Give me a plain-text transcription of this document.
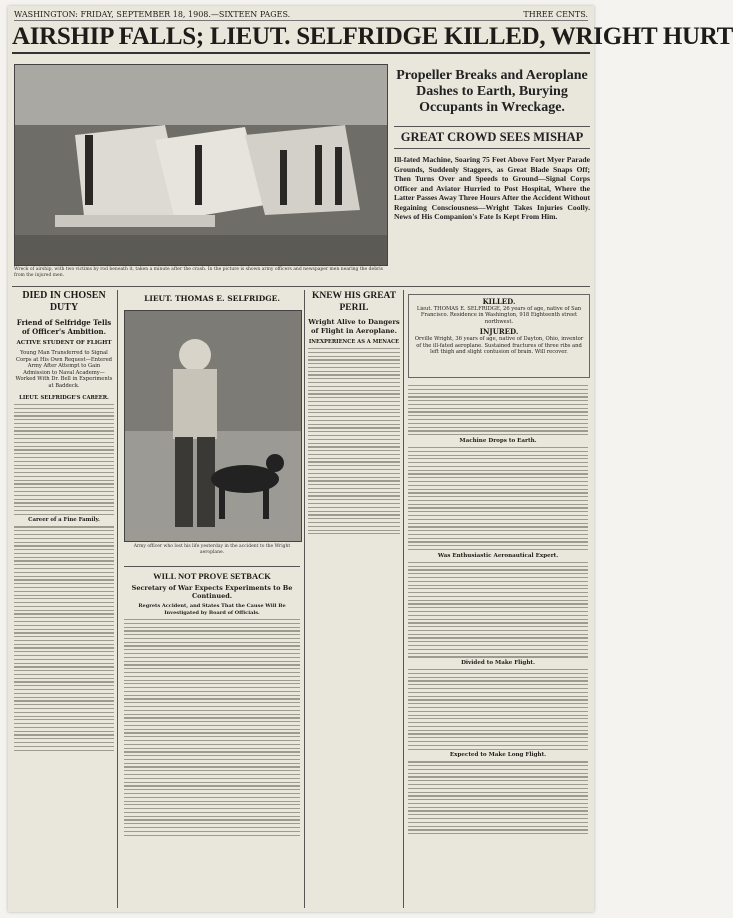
WASHINGTON: FRIDAY, SEPTEMBER 18, 1908.—SIXTEEN PAGES.	THREE CENTS.
AIRSHIP FALLS; LIEUT. SELFRIDGE KILLED, WRIGHT HURT
Wreck of airship, with two victims by rod beneath it, taken a minute after the crash. In the picture is shown army officers and newspaper men nearing the debris from the injured men.
Propeller Breaks and Aeroplane Dashes to Earth, Burying Occupants in Wreckage.
GREAT CROWD SEES MISHAP
Ill-fated Machine, Soaring 75 Feet Above Fort Myer Parade Grounds, Suddenly Staggers, as Great Blade Snaps Off; Then Turns Over and Speeds to Ground—Signal Corps Officer and Aviator Hurried to Post Hospital, Where the Latter Passes Away Three Hours After the Accident Without Regaining Consciousness—Wright Takes Injuries Coolly. News of His Companion's Fate Is Kept From Him.
DIED IN CHOSEN DUTY
Friend of Selfridge Tells of Officer's Ambition.
ACTIVE STUDENT OF FLIGHT
Young Man Transferred to Signal Corps at His Own Request—Entered Army After Attempt to Gain Admission to Naval Academy—Worked With Dr. Bell in Experiments at Baddeck.
LIEUT. SELFRIDGE'S CAREER.
Career of a Fine Family.
LIEUT. THOMAS E. SELFRIDGE.
Army officer who lost his life yesterday in the accident to the Wright aeroplane.
KNEW HIS GREAT PERIL
Wright Alive to Dangers of Flight in Aeroplane.
INEXPERIENCE AS A MENACE
WILL NOT PROVE SETBACK
Secretary of War Expects Experiments to Be Continued.
Regrets Accident, and States That the Cause Will Be Investigated by Board of Officials.
KILLED.
Lieut. THOMAS E. SELFRIDGE, 26 years of age, native of San Francisco. Residence in Washington, 918 Eighteenth street northwest.
INJURED.
Orville Wright, 36 years of age, native of Dayton, Ohio, inventor of the ill-fated aeroplane. Sustained fractures of three ribs and left thigh and slight contusion of brain. Will recover.
Machine Drops to Earth.
Was Enthusiastic Aeronautical Expert.
Divided to Make Flight.
Expected to Make Long Flight.
